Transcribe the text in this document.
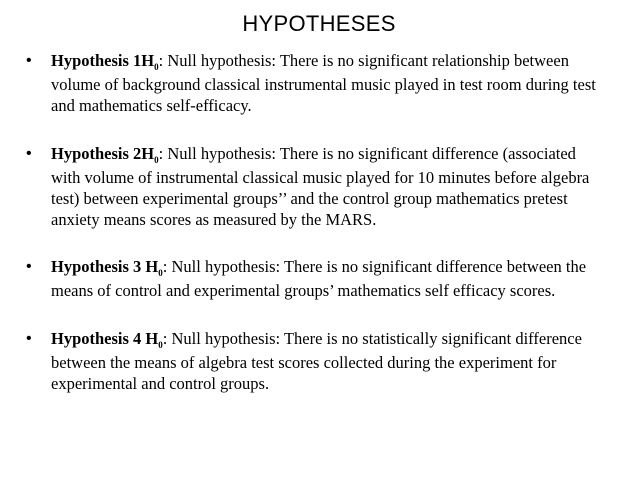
HYPOTHESES
• Hypothesis $1H_0$: Null hypothesis: There is no significant relationship between volume of background classical instrumental music played in test room during test and mathematics self-efficacy.
• Hypothesis $2H_0$: Null hypothesis: There is no significant difference (associated with volume of instrumental classical music played for 10 minutes before algebra test) between experimental groups’’ and the control group mathematics pretest anxiety means scores as measured by the MARS.
• Hypothesis 3 $H_0$: Null hypothesis: There is no significant difference between the means of control and experimental groups’ mathematics self efficacy scores.
• Hypothesis 4 $H_0$: Null hypothesis: There is no statistically significant difference between the means of algebra test scores collected during the experiment for experimental and control groups.
